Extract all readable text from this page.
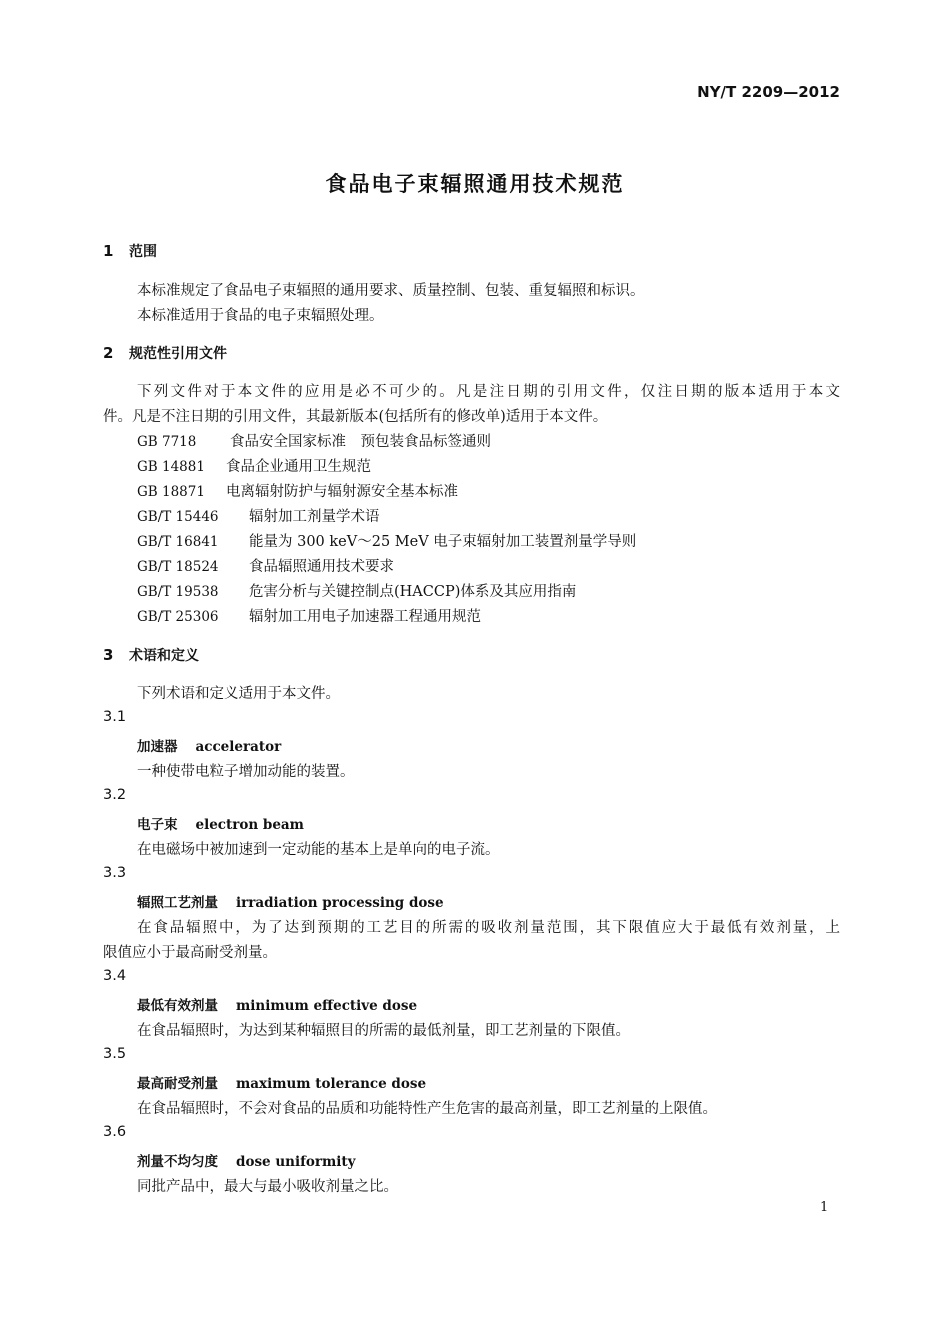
NY/T 2209—2012
食品电子束辐照通用技术规范
1 范围
本标准规定了食品电子束辐照的通用要求、质量控制、包装、重复辐照和标识。
本标准适用于食品的电子束辐照处理。
2 规范性引用文件
下列文件对于本文件的应用是必不可少的。凡是注日期的引用文件，仅注日期的版本适用于本文
件。凡是不注日期的引用文件，其最新版本(包括所有的修改单)适用于本文件。
GB 7718 食品安全国家标准　预包装食品标签通则
GB 14881 食品企业通用卫生规范
GB 18871 电离辐射防护与辐射源安全基本标准
GB/T 15446 辐射加工剂量学术语
GB/T 16841 能量为 300 keV～25 MeV 电子束辐射加工装置剂量学导则
GB/T 18524 食品辐照通用技术要求
GB/T 19538 危害分析与关键控制点(HACCP)体系及其应用指南
GB/T 25306 辐射加工用电子加速器工程通用规范
3 术语和定义
下列术语和定义适用于本文件。
3.1
加速器 accelerator
一种使带电粒子增加动能的装置。
3.2
电子束 electron beam
在电磁场中被加速到一定动能的基本上是单向的电子流。
3.3
辐照工艺剂量 irradiation processing dose
在食品辐照中，为了达到预期的工艺目的所需的吸收剂量范围，其下限值应大于最低有效剂量，上
限值应小于最高耐受剂量。
3.4
最低有效剂量 minimum effective dose
在食品辐照时，为达到某种辐照目的所需的最低剂量，即工艺剂量的下限值。
3.5
最高耐受剂量 maximum tolerance dose
在食品辐照时，不会对食品的品质和功能特性产生危害的最高剂量，即工艺剂量的上限值。
3.6
剂量不均匀度 dose uniformity
同批产品中，最大与最小吸收剂量之比。
1
